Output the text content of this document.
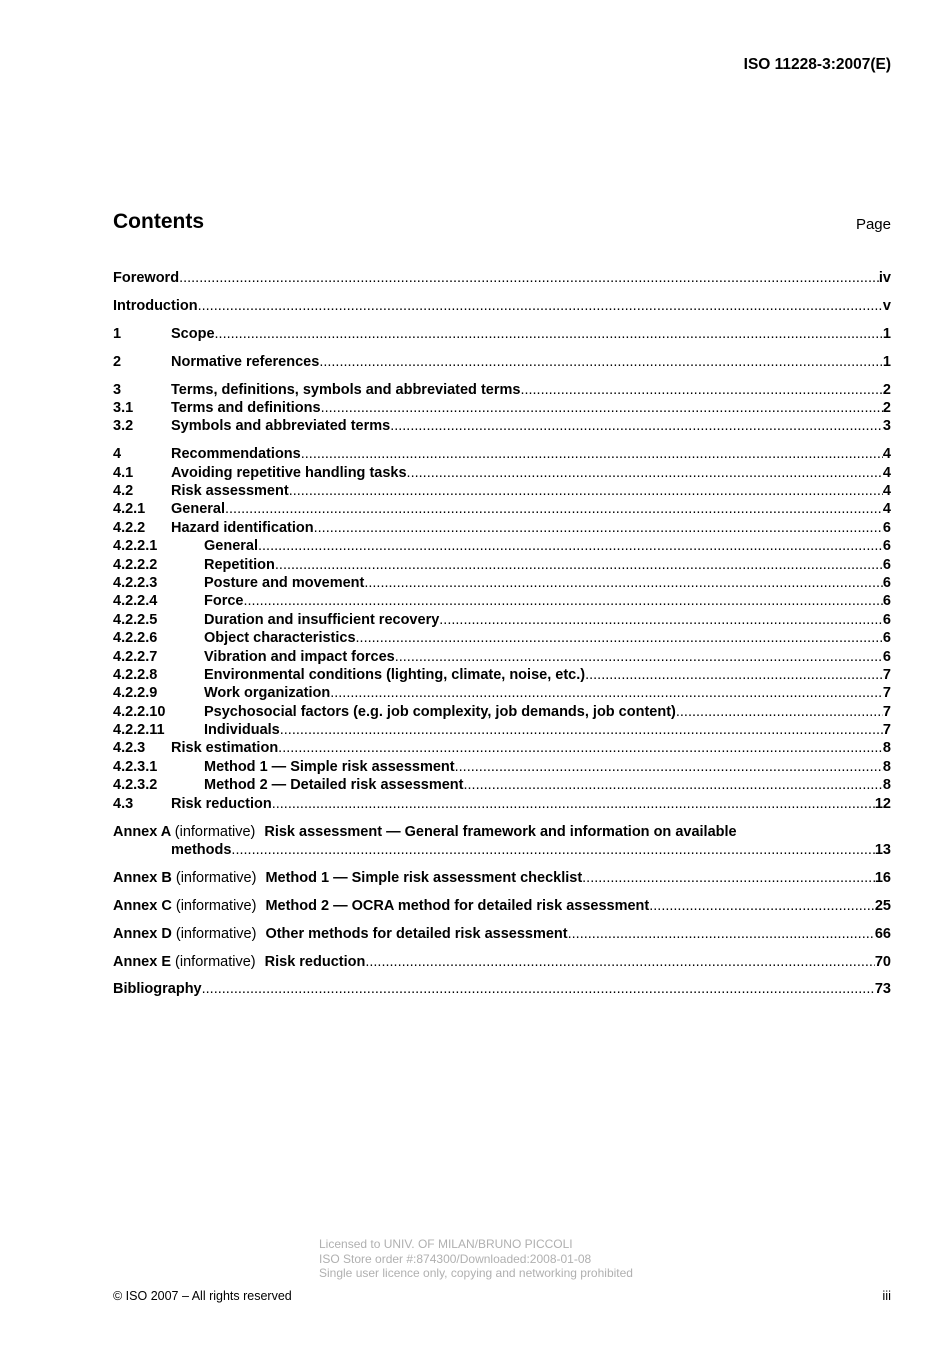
ISO 11228-3:2007(E)
Contents	Page
Foreword .....	iv
Introduction .....	v
1	Scope .....	1
2	Normative references .....	1
3	Terms, definitions, symbols and abbreviated terms .....	2
3.1	Terms and definitions .....	2
3.2	Symbols and abbreviated terms .....	3
4	Recommendations .....	4
4.1	Avoiding repetitive handling tasks .....	4
4.2	Risk assessment .....	4
4.2.1	General .....	4
4.2.2	Hazard identification .....	6
4.2.2.1	General .....	6
4.2.2.2	Repetition .....	6
4.2.2.3	Posture and movement .....	6
4.2.2.4	Force .....	6
4.2.2.5	Duration and insufficient recovery .....	6
4.2.2.6	Object characteristics .....	6
4.2.2.7	Vibration and impact forces .....	6
4.2.2.8	Environmental conditions (lighting, climate, noise, etc.) .....	7
4.2.2.9	Work organization .....	7
4.2.2.10	Psychosocial factors (e.g. job complexity, job demands, job content) .....	7
4.2.2.11	Individuals .....	7
4.2.3	Risk estimation .....	8
4.2.3.1	Method 1 — Simple risk assessment .....	8
4.2.3.2	Method 2 — Detailed risk assessment .....	8
4.3	Risk reduction .....	12
Annex A (informative) Risk assessment — General framework and information on available
methods .....	13
Annex B (informative) Method 1 — Simple risk assessment checklist .....	16
Annex C (informative) Method 2 — OCRA method for detailed risk assessment .....	25
Annex D (informative) Other methods for detailed risk assessment .....	66
Annex E (informative) Risk reduction .....	70
Bibliography .....	73
Licensed to UNIV. OF MILAN/BRUNO PICCOLI
ISO Store order #:874300/Downloaded:2008-01-08
Single user licence only, copying and networking prohibited
© ISO 2007 – All rights reserved	iii
